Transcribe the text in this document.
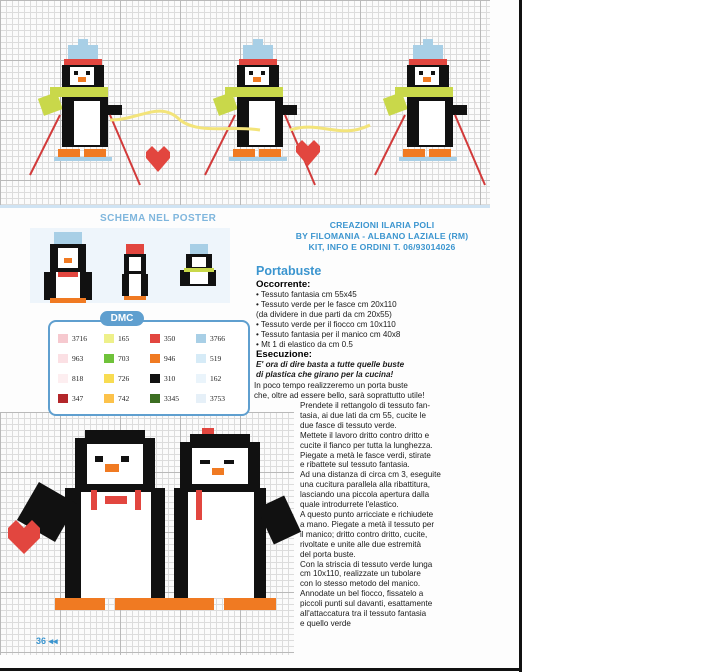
SCHEMA NEL POSTER
CREAZIONI ILARIA POLI
BY FILOMANIA - ALBANO LAZIALE (RM)
KIT, INFO E ORDINI T. 06/93014026
Portabuste
Occorrente:
• Tessuto fantasia cm 55x45
• Tessuto verde per le fasce cm 20x110
(da dividere in due parti da cm 20x55)
• Tessuto verde per il fiocco cm 10x110
• Tessuto fantasia per il manico cm 40x8
• Mt 1 di elastico da cm 0.5
Esecuzione:
E' ora di dire basta a tutte quelle buste
di plastica che girano per la cucina!
In poco tempo realizzeremo un porta buste
che, oltre ad essere bello, sarà soprattutto utile!
Prendete il rettangolo di tessuto fan-
tasia, ai due lati da cm 55, cucite le
due fasce di tessuto verde.
Mettete il lavoro dritto contro dritto e
cucite il fianco per tutta la lunghezza.
Piegate a metà le fasce verdi, stirate
e ribattete sul tessuto fantasia.
Ad una distanza di circa cm 3, eseguite
una cucitura parallela alla ribattitura,
lasciando una piccola apertura dalla
quale introdurrete l'elastico.
A questo punto arricciate e richiudete
a mano. Piegate a metà il tessuto per
il manico; dritto contro dritto, cucite,
rivoltate e unite alle due estremità
del porta buste.
Con la striscia di tessuto verde lunga
cm 10x110, realizzate un tubolare
con lo stesso metodo del manico.
Annodate un bel fiocco, fissatelo a
piccoli punti sul davanti, esattamente
all'attaccatura tra il tessuto fantasia
e quello verde
3716	165	350	3766
963	703	946	519
818	726	310	162
347	742	3345	3753
DMC
36 ◂◂
